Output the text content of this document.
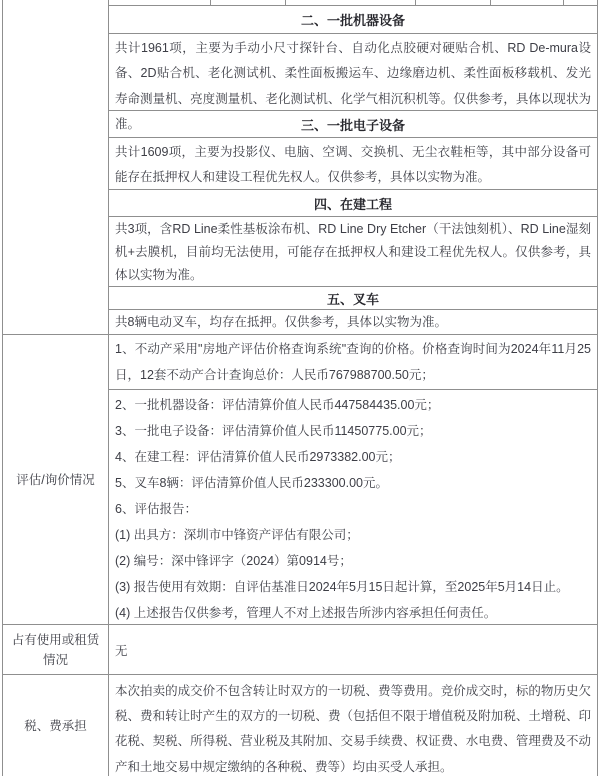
二、一批机器设备
共计1961项，主要为手动小尺寸探针台、自动化点胶硬对硬贴合机、RD De-mura设备、2D贴合机、老化测试机、柔性面板搬运车、边缘磨边机、柔性面板移载机、发光寿命测量机、亮度测量机、老化测试机、化学气相沉积机等。仅供参考，具体以现状为准。	三、一批电子设备
共计1609项，主要为投影仪、电脑、空调、交换机、无尘衣鞋柜等，其中部分设备可能存在抵押权人和建设工程优先权人。仅供参考，具体以实物为准。
四、在建工程
共3项，含RD Line柔性基板涂布机、RD Line Dry Etcher（干法蚀刻机）、RD Line湿刻机+去膜机，目前均无法使用，可能存在抵押权人和建设工程优先权人。仅供参考，具体以实物为准。
五、叉车
共8辆电动叉车，均存在抵押。仅供参考，具体以实物为准。
评估/询价情况
1、不动产采用"房地产评估价格查询系统"查询的价格。价格查询时间为2024年11月25日，12套不动产合计查询总价：人民币767988700.50元；
2、一批机器设备：评估清算价值人民币447584435.00元；
3、一批电子设备：评估清算价值人民币11450775.00元；
4、在建工程：评估清算价值人民币2973382.00元；
5、叉车8辆：评估清算价值人民币233300.00元。
6、评估报告：
(1) 出具方：深圳市中锋资产评估有限公司；
(2) 编号：深中锋评字（2024）第0914号；
(3) 报告使用有效期：自评估基准日2024年5月15日起计算，至2025年5月14日止。
(4) 上述报告仅供参考，管理人不对上述报告所涉内容承担任何责任。
占有使用或租赁情况
无
税、费承担
本次拍卖的成交价不包含转让时双方的一切税、费等费用。竞价成交时，标的物历史欠税、费和转让时产生的双方的一切税、费（包括但不限于增值税及附加税、土增税、印花税、契税、所得税、营业税及其附加、交易手续费、权证费、水电费、管理费及不动产和土地交易中规定缴纳的各种税、费等）均由买受人承担。
